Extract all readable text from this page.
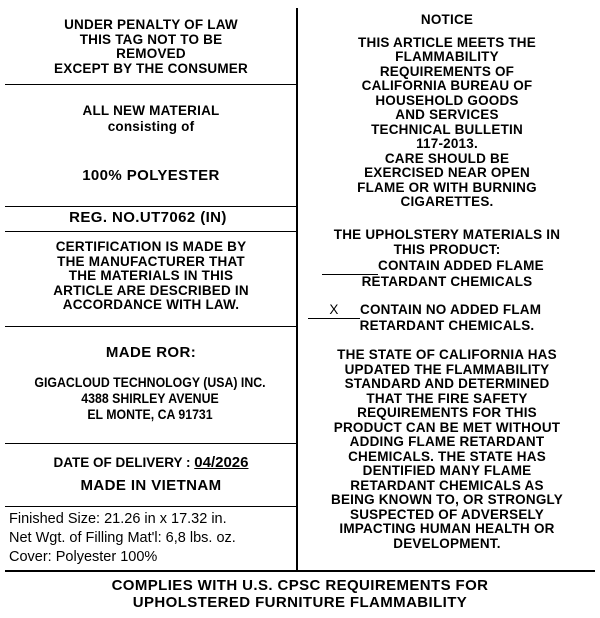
UNDER PENALTY OF LAW
THIS TAG NOT TO BE
REMOVED
EXCEPT BY THE CONSUMER
ALL NEW MATERIAL
consisting of
100% POLYESTER
REG. NO.UT7062 (IN)
CERTIFICATION IS MADE BY
THE MANUFACTURER THAT
THE MATERIALS IN THIS
ARTICLE ARE DESCRIBED IN
ACCORDANCE WITH LAW.
MADE ROR:
GIGACLOUD TECHNOLOGY (USA) INC.
4388 SHIRLEY AVENUE
EL MONTE, CA 91731
DATE OF DELIVERY : 04/2026
MADE IN VIETNAM
Finished Size: 21.26 in x 17.32 in.
Net Wgt. of Filling Mat'l: 6,8 lbs. oz.
Cover: Polyester 100%
NOTICE
THIS ARTICLE MEETS THE
FLAMMABILITY
REQUIREMENTS OF
CALIFORNIA BUREAU OF
HOUSEHOLD GOODS
AND SERVICES
TECHNICAL BULLETIN
117-2013.
CARE SHOULD BE
EXERCISED NEAR OPEN
FLAME OR WITH BURNING
CIGARETTES.
THE UPHOLSTERY MATERIALS IN
THIS PRODUCT:
CONTAIN ADDED FLAME
RETARDANT CHEMICALS
X CONTAIN NO ADDED FLAM
RETARDANT CHEMICALS.
THE STATE OF CALIFORNIA HAS
UPDATED THE FLAMMABILITY
STANDARD AND DETERMINED
THAT THE FIRE SAFETY
REQUIREMENTS FOR THIS
PRODUCT CAN BE MET WITHOUT
ADDING FLAME RETARDANT
CHEMICALS. THE STATE HAS
DENTIFIED MANY FLAME
RETARDANT CHEMICALS AS
BEING KNOWN TO, OR STRONGLY
SUSPECTED OF ADVERSELY
IMPACTING HUMAN HEALTH OR
DEVELOPMENT.
COMPLIES WITH U.S. CPSC REQUIREMENTS FOR
UPHOLSTERED FURNITURE FLAMMABILITY
